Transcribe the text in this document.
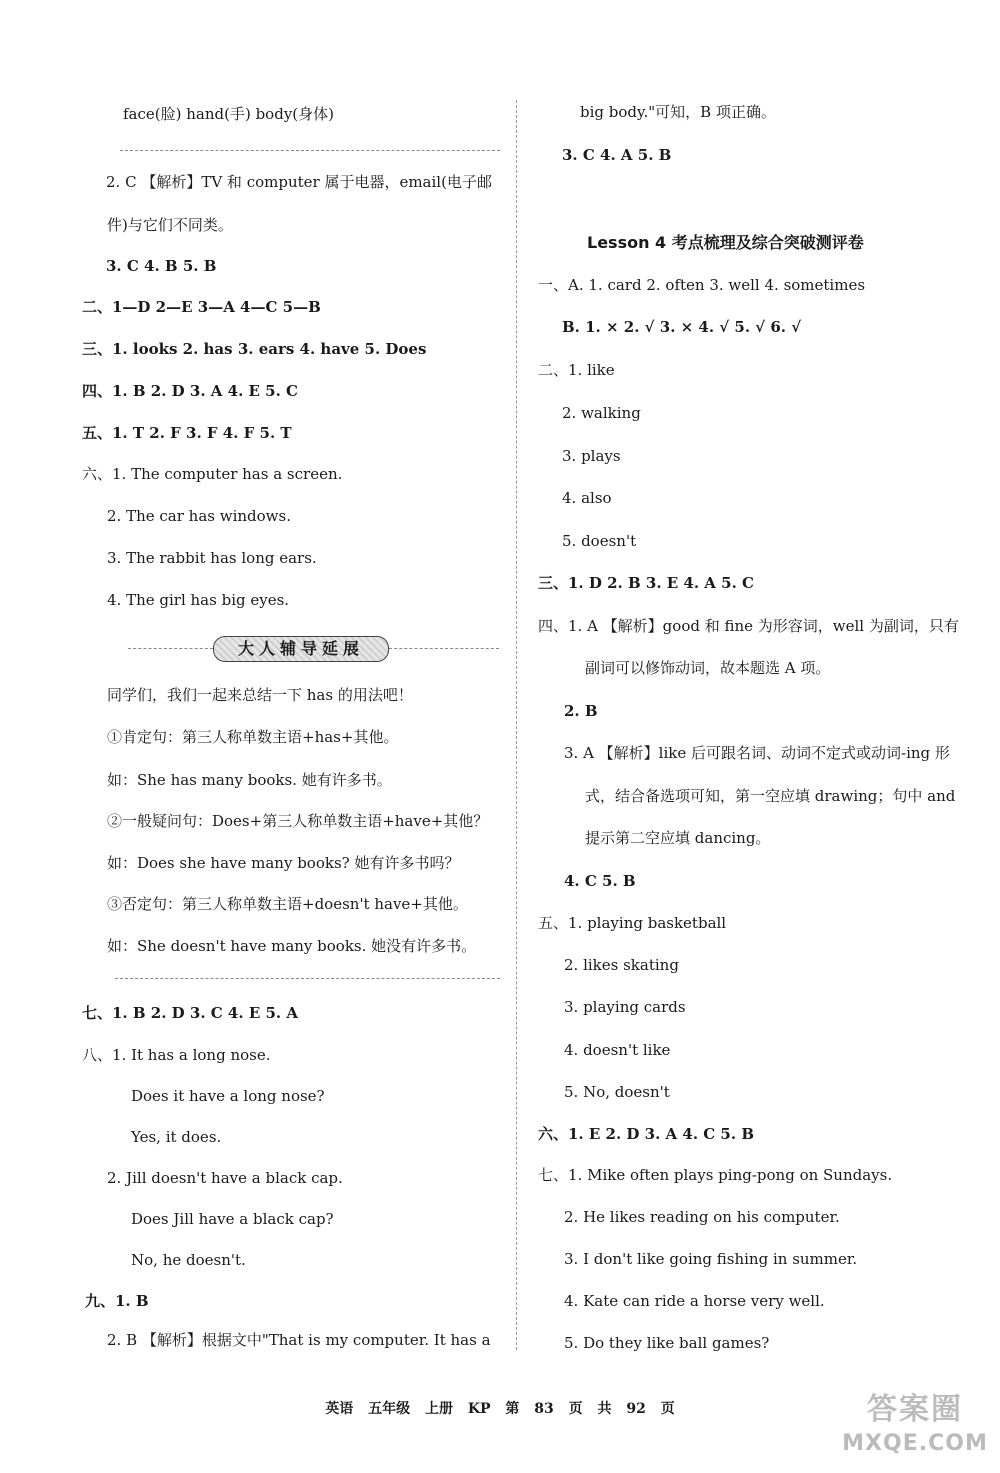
face(脸) hand(手) body(身体)
2. C 【解析】TV 和 computer 属于电器，email(电子邮
件)与它们不同类。
3. C 4. B 5. B
二、1—D 2—E 3—A 4—C 5—B
三、1. looks 2. has 3. ears 4. have 5. Does
四、1. B 2. D 3. A 4. E 5. C
五、1. T 2. F 3. F 4. F 5. T
六、1. The computer has a screen.
2. The car has windows.
3. The rabbit has long ears.
4. The girl has big eyes.
大人辅导延展
同学们，我们一起来总结一下 has 的用法吧！
①肯定句：第三人称单数主语+has+其他。
如：She has many books. 她有许多书。
②一般疑问句：Does+第三人称单数主语+have+其他？
如：Does she have many books? 她有许多书吗？
③否定句：第三人称单数主语+doesn't have+其他。
如：She doesn't have many books. 她没有许多书。
七、1. B 2. D 3. C 4. E 5. A
八、1. It has a long nose.
Does it have a long nose?
Yes, it does.
2. Jill doesn't have a black cap.
Does Jill have a black cap?
No, he doesn't.
九、1. B
2. B 【解析】根据文中"That is my computer. It has a
big body."可知，B 项正确。
3. C 4. A 5. B
Lesson 4 考点梳理及综合突破测评卷
一、A. 1. card 2. often 3. well 4. sometimes
B. 1. × 2. √ 3. × 4. √ 5. √ 6. √
二、1. like
2. walking
3. plays
4. also
5. doesn't
三、1. D 2. B 3. E 4. A 5. C
四、1. A 【解析】good 和 fine 为形容词，well 为副词，只有
副词可以修饰动词，故本题选 A 项。
2. B
3. A 【解析】like 后可跟名词、动词不定式或动词-ing 形
式，结合备选项可知，第一空应填 drawing；句中 and
提示第二空应填 dancing。
4. C 5. B
五、1. playing basketball
2. likes skating
3. playing cards
4. doesn't like
5. No, doesn't
六、1. E 2. D 3. A 4. C 5. B
七、1. Mike often plays ping-pong on Sundays.
2. He likes reading on his computer.
3. I don't like going fishing in summer.
4. Kate can ride a horse very well.
5. Do they like ball games?
英语 五年级 上册 KP 第 83 页 共 92 页	答案圈
MXQE.COM
